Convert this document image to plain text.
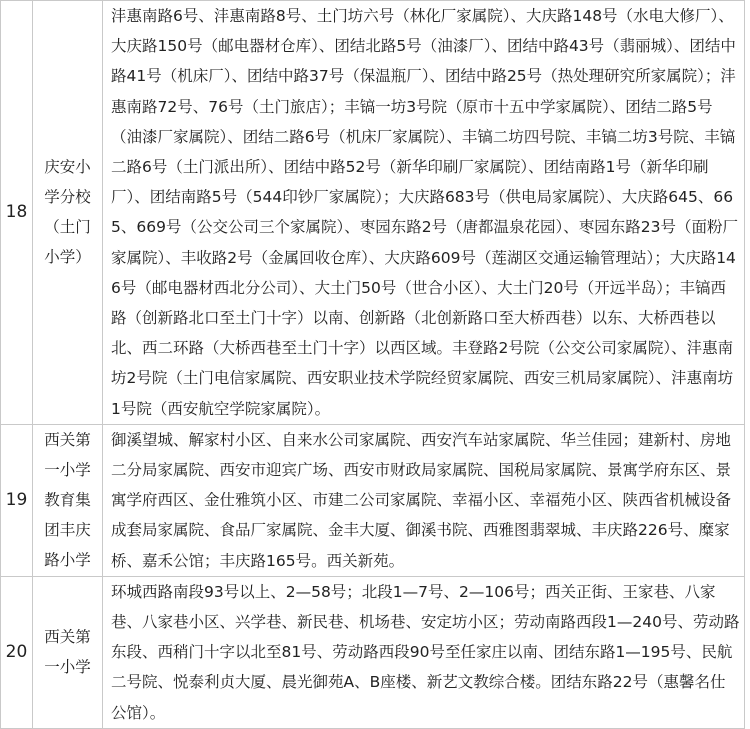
18	庆安小学分校（土门小学）	沣惠南路6号、沣惠南路8号、土门坊六号（林化厂家属院）、大庆路148号（水电大修厂）、大庆路150号（邮电器材仓库）、团结北路5号（油漆厂）、团结中路43号（翡丽城）、团结中路41号（机床厂）、团结中路37号（保温瓶厂）、团结中路25号（热处理研究所家属院）；沣惠南路72号、76号（土门旅店）；丰镐一坊3号院（原市十五中学家属院）、团结二路5号（油漆厂家属院）、团结二路6号（机床厂家属院）、丰镐二坊四号院、丰镐二坊3号院、丰镐二路6号（土门派出所）、团结中路52号（新华印刷厂家属院）、团结南路1号（新华印刷厂）、团结南路5号（544印钞厂家属院）；大庆路683号（供电局家属院）、大庆路645、665、669号（公交公司三个家属院）、枣园东路2号（唐都温泉花园）、枣园东路23号（面粉厂家属院）、丰收路2号（金属回收仓库）、大庆路609号（莲湖区交通运输管理站）；大庆路146号（邮电器材西北分公司）、大土门50号（世合小区）、大土门20号（开远半岛）；丰镐西路（创新路北口至土门十字）以南、创新路（北创新路口至大桥西巷）以东、大桥西巷以北、西二环路（大桥西巷至土门十字）以西区域。丰登路2号院（公交公司家属院）、沣惠南坊2号院（土门电信家属院、西安职业技术学院经贸家属院、西安三机局家属院）、沣惠南坊1号院（西安航空学院家属院）。
19	西关第一小学教育集团丰庆路小学	御溪望城、解家村小区、自来水公司家属院、西安汽车站家属院、华兰佳园；建新村、房地二分局家属院、西安市迎宾广场、西安市财政局家属院、国税局家属院、景寓学府东区、景寓学府西区、金仕雅筑小区、市建二公司家属院、幸福小区、幸福苑小区、陕西省机械设备成套局家属院、食品厂家属院、金丰大厦、御溪书院、西雅图翡翠城、丰庆路226号、糜家桥、嘉禾公馆；丰庆路165号。西关新苑。
20	西关第一小学	环城西路南段93号以上、2—58号；北段1—7号、2—106号；西关正街、王家巷、八家巷、八家巷小区、兴学巷、新民巷、机场巷、安定坊小区；劳动南路西段1—240号、劳动路东段、西稍门十字以北至81号、劳动路西段90号至任家庄以南、团结东路1—195号、民航二号院、悦泰利贞大厦、晨光御苑A、B座楼、新艺文教综合楼。团结东路22号（惠馨名仕公馆）。
